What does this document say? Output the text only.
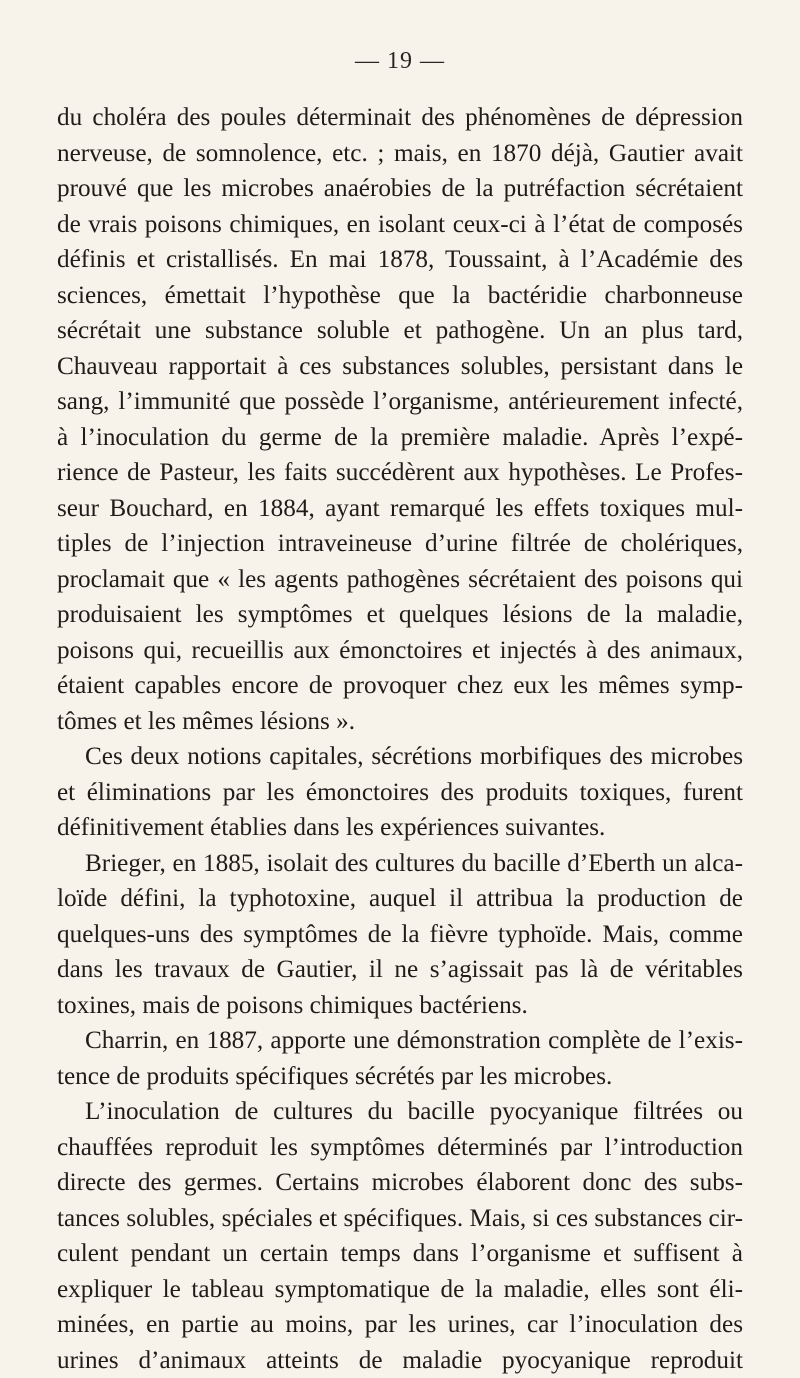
— 19 —
du choléra des poules déterminait des phénomènes de dépression
nerveuse, de somnolence, etc. ; mais, en 1870 déjà, Gautier avait
prouvé que les microbes anaérobies de la putréfaction sécrétaient
de vrais poisons chimiques, en isolant ceux-ci à l’état de composés
définis et cristallisés. En mai 1878, Toussaint, à l’Académie des
sciences, émettait l’hypothèse que la bactéridie charbonneuse
sécrétait une substance soluble et pathogène. Un an plus tard,
Chauveau rapportait à ces substances solubles, persistant dans le
sang, l’immunité que possède l’organisme, antérieurement infecté,
à l’inoculation du germe de la première maladie. Après l’expé-
rience de Pasteur, les faits succédèrent aux hypothèses. Le Profes-
seur Bouchard, en 1884, ayant remarqué les effets toxiques mul-
tiples de l’injection intraveineuse d’urine filtrée de cholériques,
proclamait que « les agents pathogènes sécrétaient des poisons qui
produisaient les symptômes et quelques lésions de la maladie,
poisons qui, recueillis aux émonctoires et injectés à des animaux,
étaient capables encore de provoquer chez eux les mêmes symp-
tômes et les mêmes lésions ».
Ces deux notions capitales, sécrétions morbifiques des microbes
et éliminations par les émonctoires des produits toxiques, furent
définitivement établies dans les expériences suivantes.
Brieger, en 1885, isolait des cultures du bacille d’Eberth un alca-
loïde défini, la typhotoxine, auquel il attribua la production de
quelques-uns des symptômes de la fièvre typhoïde. Mais, comme
dans les travaux de Gautier, il ne s’agissait pas là de véritables
toxines, mais de poisons chimiques bactériens.
Charrin, en 1887, apporte une démonstration complète de l’exis-
tence de produits spécifiques sécrétés par les microbes.
L’inoculation de cultures du bacille pyocyanique filtrées ou
chauffées reproduit les symptômes déterminés par l’introduction
directe des germes. Certains microbes élaborent donc des subs-
tances solubles, spéciales et spécifiques. Mais, si ces substances cir-
culent pendant un certain temps dans l’organisme et suffisent à
expliquer le tableau symptomatique de la maladie, elles sont éli-
minées, en partie au moins, par les urines, car l’inoculation des
urines d’animaux atteints de maladie pyocyanique reproduit
